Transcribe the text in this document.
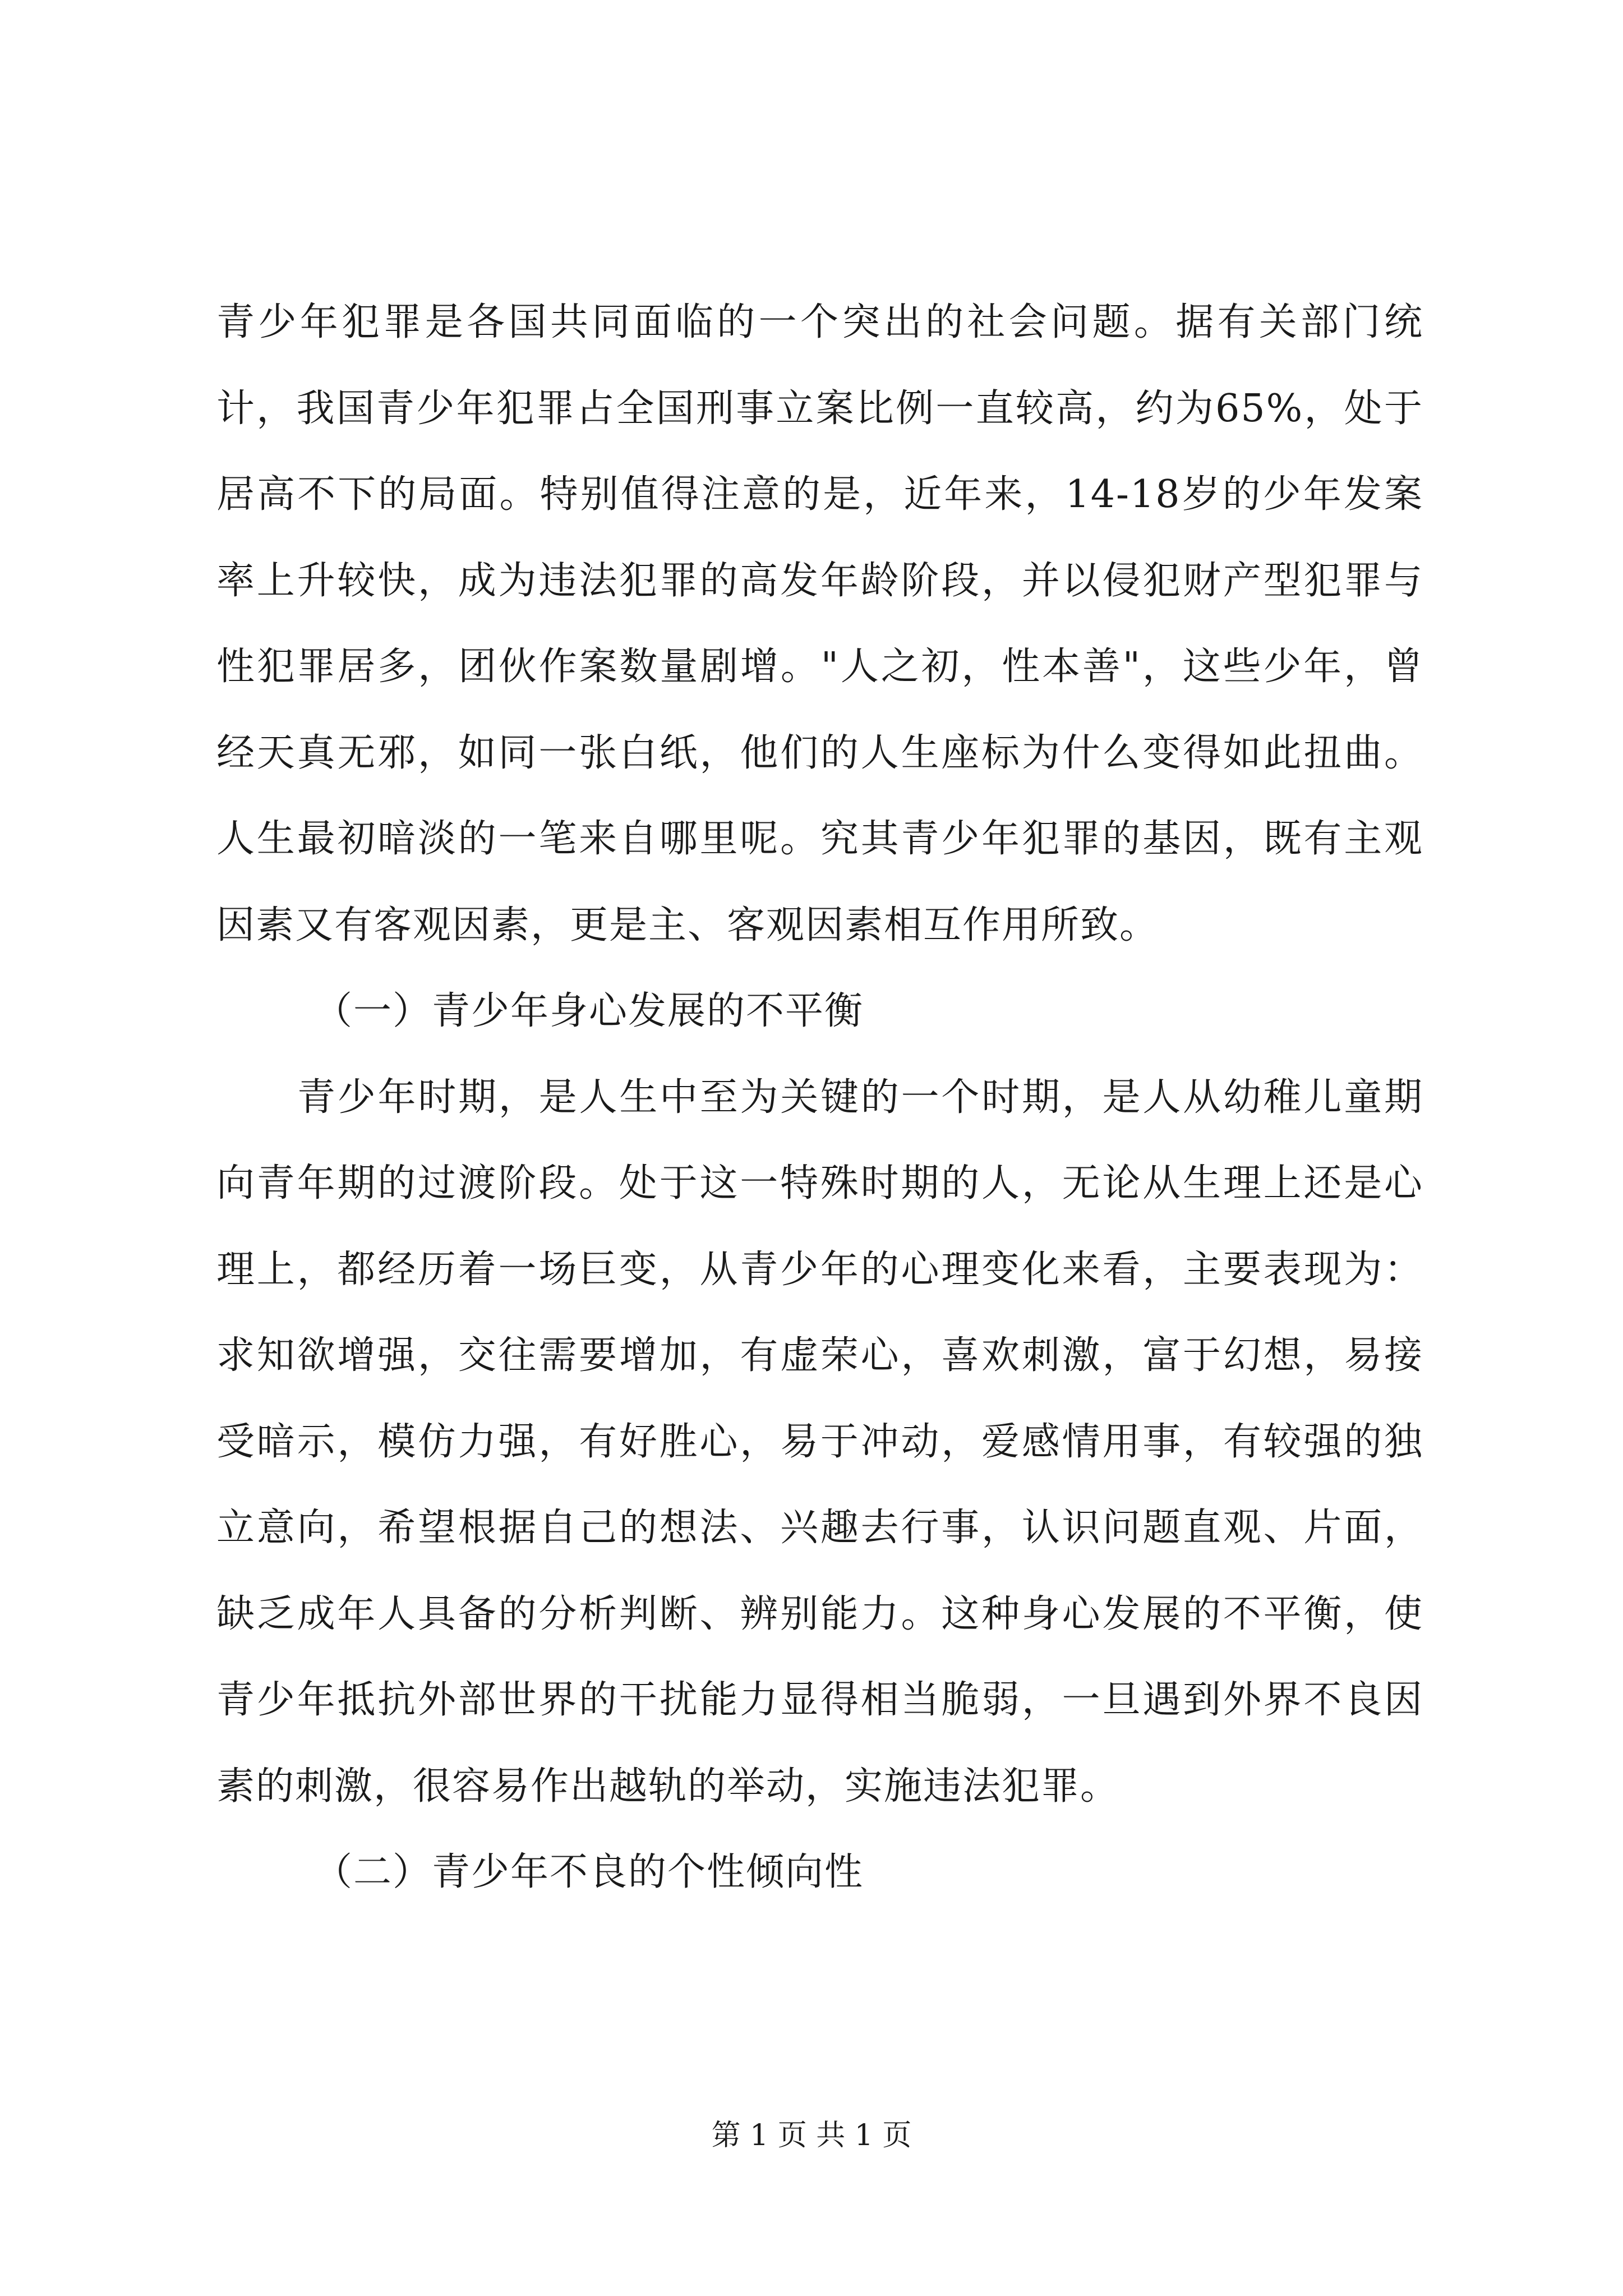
青少年犯罪是各国共同面临的一个突出的社会问题。据有关部门统计，我国青少年犯罪占全国刑事立案比例一直较高，约为65%，处于居高不下的局面。特别值得注意的是，近年来，14-18岁的少年发案率上升较快，成为违法犯罪的高发年龄阶段，并以侵犯财产型犯罪与性犯罪居多，团伙作案数量剧增。"人之初，性本善"，这些少年，曾经天真无邪，如同一张白纸，他们的人生座标为什么变得如此扭曲。人生最初暗淡的一笔来自哪里呢。究其青少年犯罪的基因，既有主观因素又有客观因素，更是主、客观因素相互作用所致。

（一）青少年身心发展的不平衡

青少年时期，是人生中至为关键的一个时期，是人从幼稚儿童期向青年期的过渡阶段。处于这一特殊时期的人，无论从生理上还是心理上，都经历着一场巨变，从青少年的心理变化来看，主要表现为：求知欲增强，交往需要增加，有虚荣心，喜欢刺激，富于幻想，易接受暗示，模仿力强，有好胜心，易于冲动，爱感情用事，有较强的独立意向，希望根据自己的想法、兴趣去行事，认识问题直观、片面，缺乏成年人具备的分析判断、辨别能力。这种身心发展的不平衡，使青少年抵抗外部世界的干扰能力显得相当脆弱，一旦遇到外界不良因素的刺激，很容易作出越轨的举动，实施违法犯罪。

（二）青少年不良的个性倾向性

第 1 页 共 1 页
